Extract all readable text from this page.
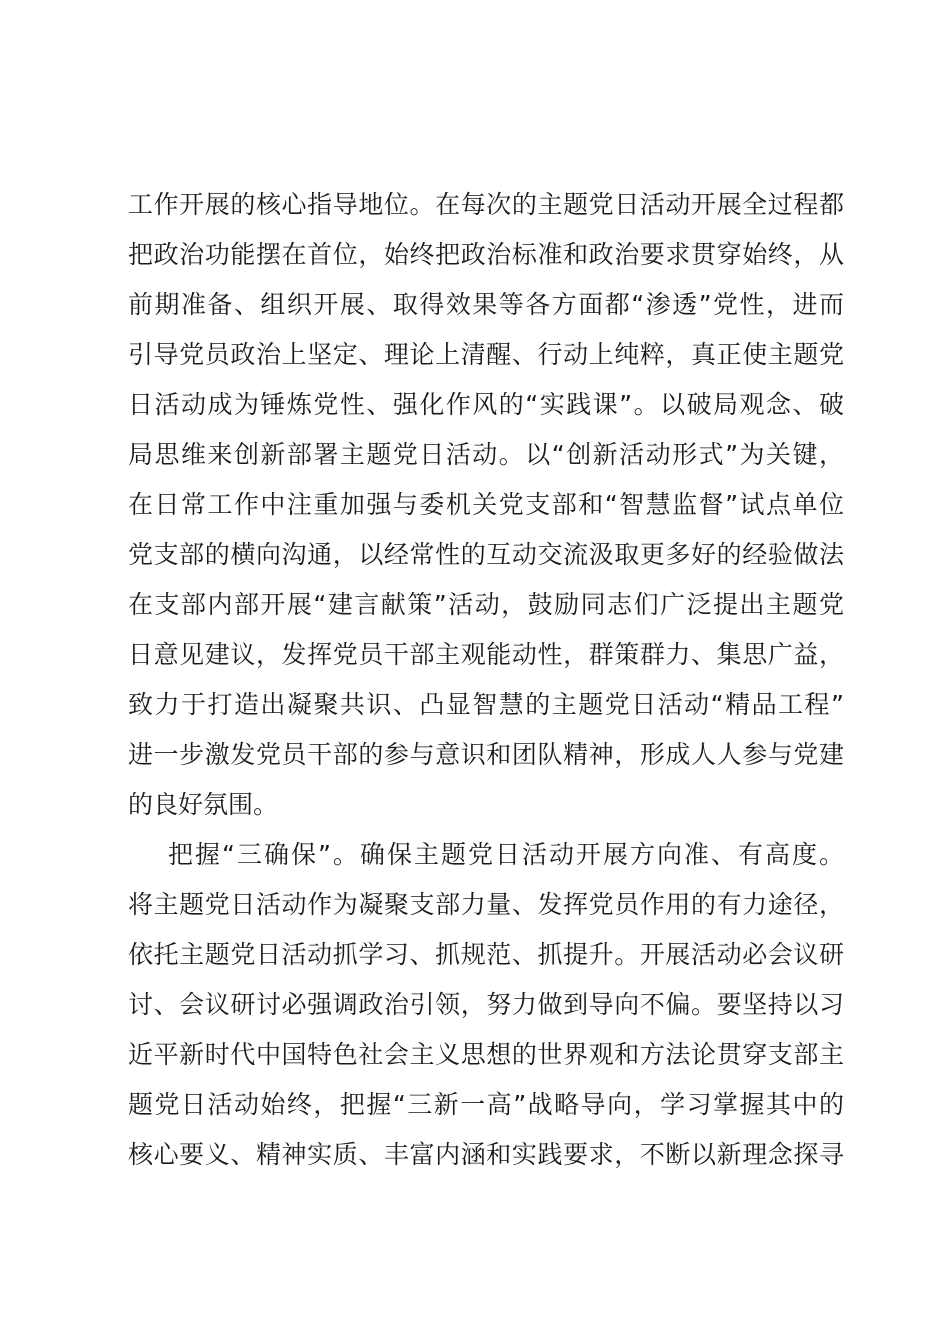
工作开展的核心指导地位。在每次的主题党日活动开展全过程都
把政治功能摆在首位，始终把政治标准和政治要求贯穿始终，从
前期准备、组织开展、取得效果等各方面都“渗透”党性，进而
引导党员政治上坚定、理论上清醒、行动上纯粹，真正使主题党
日活动成为锤炼党性、强化作风的“实践课”。以破局观念、破
局思维来创新部署主题党日活动。以“创新活动形式”为关键，
在日常工作中注重加强与委机关党支部和“智慧监督”试点单位
党支部的横向沟通，以经常性的互动交流汲取更多好的经验做法
在支部内部开展“建言献策”活动，鼓励同志们广泛提出主题党
日意见建议，发挥党员干部主观能动性，群策群力、集思广益，
致力于打造出凝聚共识、凸显智慧的主题党日活动“精品工程”
进一步激发党员干部的参与意识和团队精神，形成人人参与党建
的良好氛围。
把握“三确保”。确保主题党日活动开展方向准、有高度。
将主题党日活动作为凝聚支部力量、发挥党员作用的有力途径，
依托主题党日活动抓学习、抓规范、抓提升。开展活动必会议研
讨、会议研讨必强调政治引领，努力做到导向不偏。要坚持以习
近平新时代中国特色社会主义思想的世界观和方法论贯穿支部主
题党日活动始终，把握“三新一高”战略导向，学习掌握其中的
核心要义、精神实质、丰富内涵和实践要求，不断以新理念探寻
